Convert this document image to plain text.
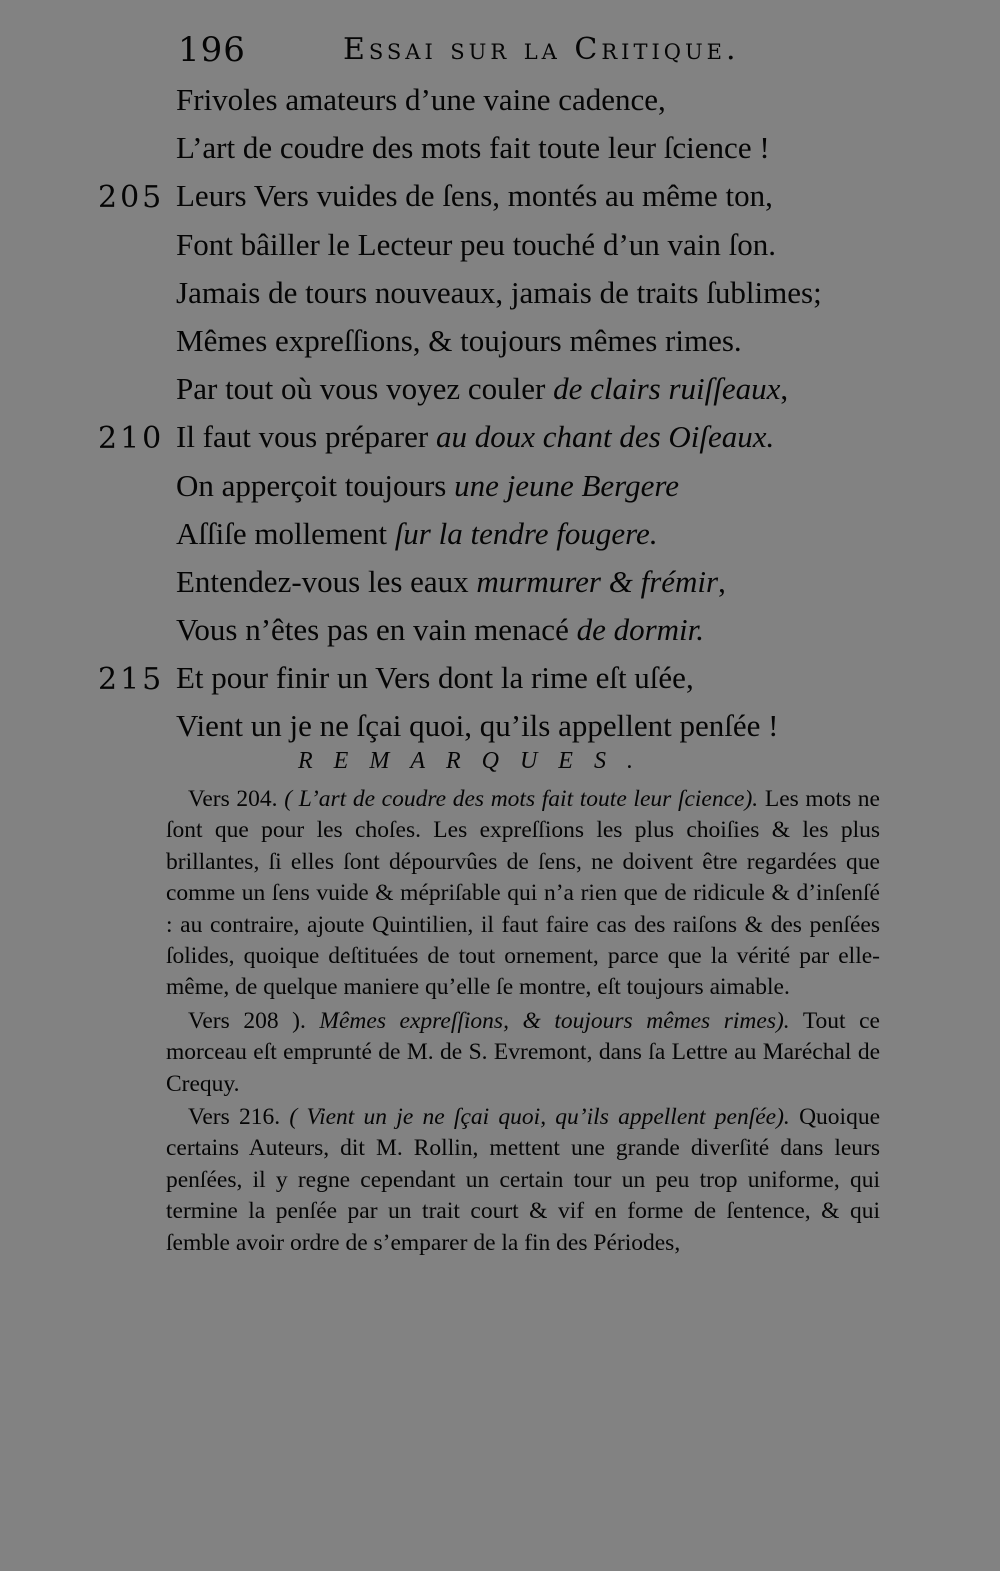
196	Essai sur la Critique.
Frivoles amateurs d’une vaine cadence,
L’art de coudre des mots fait toute leur ſcience !
205 Leurs Vers vuides de ſens, montés au même ton,
Font bâiller le Lecteur peu touché d’un vain ſon.
Jamais de tours nouveaux, jamais de traits ſublimes;
Mêmes expreſſions, & toujours mêmes rimes.
Par tout où vous voyez couler de clairs ruiſſeaux,
210 Il faut vous préparer au doux chant des Oiſeaux.
On apperçoit toujours une jeune Bergere
Aſſiſe mollement ſur la tendre fougere.
Entendez-vous les eaux murmurer & frémir,
Vous n’êtes pas en vain menacé de dormir.
215 Et pour finir un Vers dont la rime eſt uſée,
Vient un je ne ſçai quoi, qu’ils appellent penſée !
REMARQUES.

Vers 204. ( L’art de coudre des mots fait toute leur ſcience). Les mots ne ſont que pour les choſes. Les expreſſions les plus choiſies & les plus brillantes, ſi elles ſont dépourvûes de ſens, ne doivent être regardées que comme un ſens vuide & mépriſable qui n’a rien que de ridicule & d’inſenſé : au contraire, ajoute Quintilien, il faut faire cas des raiſons & des penſées ſolides, quoique deſtituées de tout ornement, parce que la vérité par elle-même, de quelque maniere qu’elle ſe montre, eſt toujours aimable.

Vers 208 ). Mêmes expreſſions, & toujours mêmes rimes). Tout ce morceau eſt emprunté de M. de S. Evremont, dans ſa Lettre au Maréchal de Crequy.

Vers 216. ( Vient un je ne ſçai quoi, qu’ils appellent penſée). Quoique certains Auteurs, dit M. Rollin, mettent une grande diverſité dans leurs penſées, il y regne cependant un certain tour un peu trop uniforme, qui termine la penſée par un trait court & vif en forme de ſentence, & qui ſemble avoir ordre de s’emparer de la fin des Périodes,
